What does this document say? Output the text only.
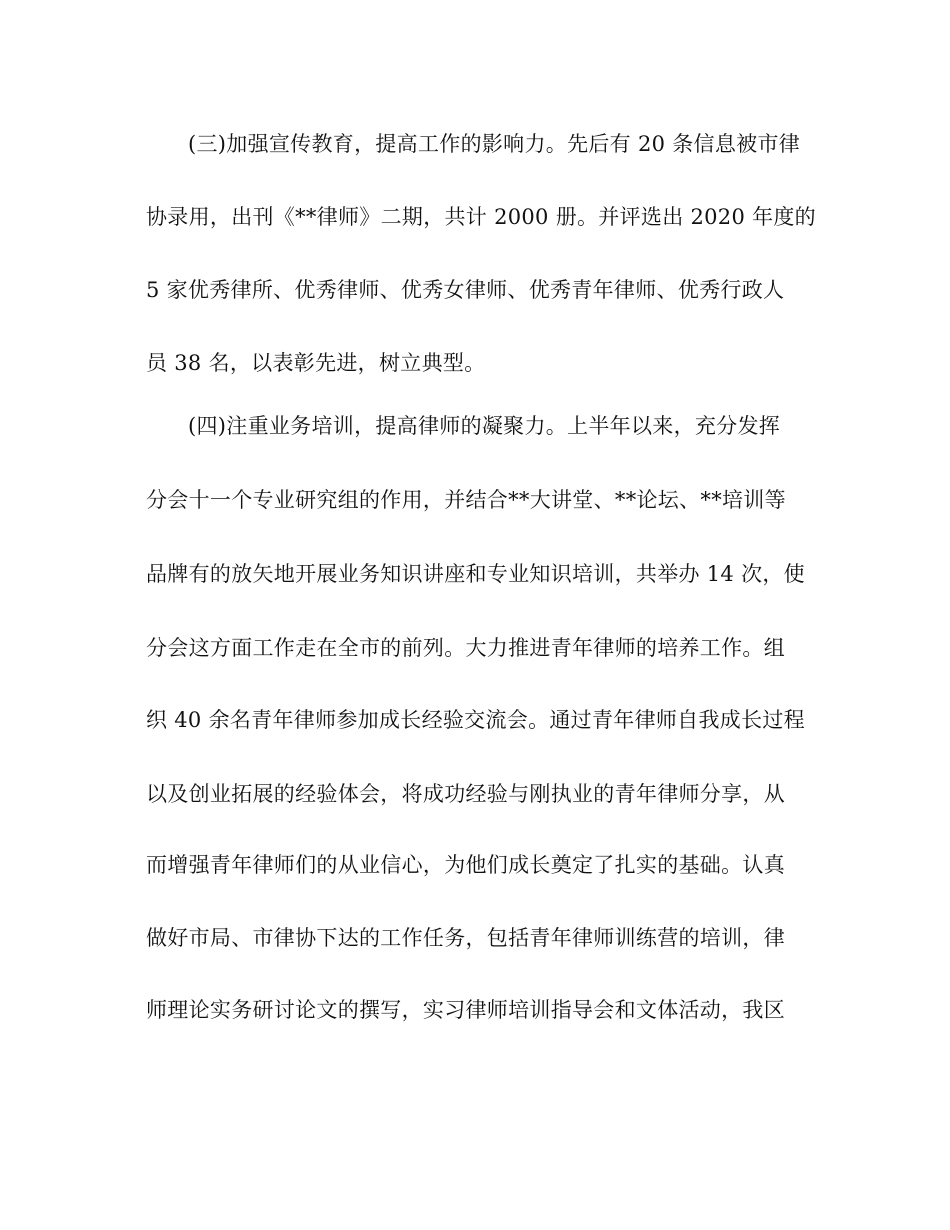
(三)加强宣传教育，提高工作的影响力。先后有 20 条信息被市律
协录用，出刊《**律师》二期，共计 2000 册。并评选出 2020 年度的
5 家优秀律所、优秀律师、优秀女律师、优秀青年律师、优秀行政人
员 38 名，以表彰先进，树立典型。
(四)注重业务培训，提高律师的凝聚力。上半年以来，充分发挥
分会十一个专业研究组的作用，并结合**大讲堂、**论坛、**培训等
品牌有的放矢地开展业务知识讲座和专业知识培训，共举办 14 次，使
分会这方面工作走在全市的前列。大力推进青年律师的培养工作。组
织 40 余名青年律师参加成长经验交流会。通过青年律师自我成长过程
以及创业拓展的经验体会，将成功经验与刚执业的青年律师分享，从
而增强青年律师们的从业信心，为他们成长奠定了扎实的基础。认真
做好市局、市律协下达的工作任务，包括青年律师训练营的培训，律
师理论实务研讨论文的撰写，实习律师培训指导会和文体活动，我区
